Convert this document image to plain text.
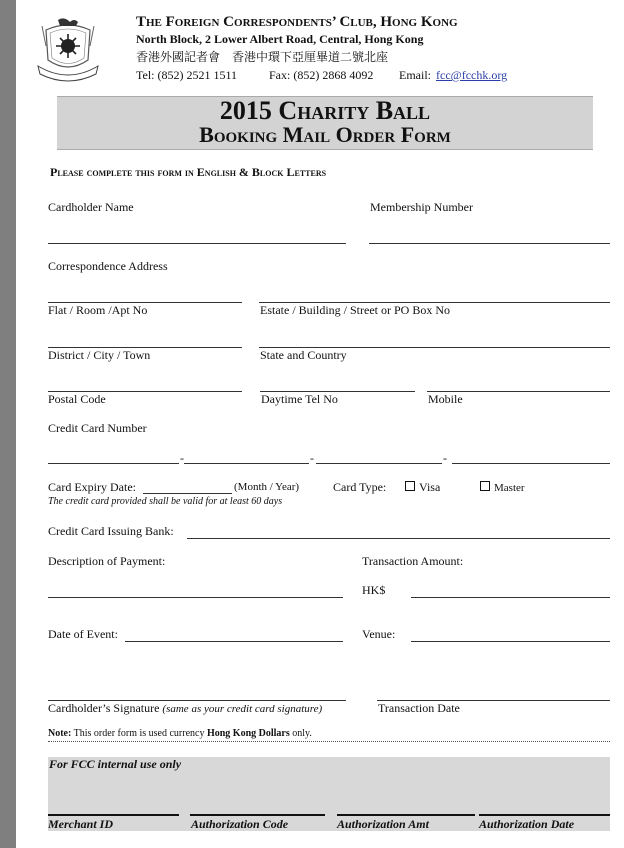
The Foreign Correspondents’ Club, Hong Kong
North Block, 2 Lower Albert Road, Central, Hong Kong
香港外國記者會　香港中環下亞厘畢道二號北座
Tel: (852) 2521 1511	Fax: (852) 2868 4092 Email: fcc@fcchk.org
2015 Charity Ball
Booking Mail Order Form
Please complete this form in English & Block Letters
Cardholder Name	Membership Number
Correspondence Address
Flat / Room /Apt No	Estate / Building / Street or PO Box No
District / City / Town	State and Country
Postal Code	Daytime Tel No	Mobile
Credit Card Number
-	-	-
Card Expiry Date:	(Month / Year)	Card Type:	Visa	Master
The credit card provided shall be valid for at least 60 days
Credit Card Issuing Bank:
Description of Payment:	Transaction Amount:
HK$
Date of Event:	Venue:
Cardholder’s Signature (same as your credit card signature)	Transaction Date
Note: This order form is used currency Hong Kong Dollars only.
For FCC internal use only
Merchant ID	Authorization Code	Authorization Amt	Authorization Date
